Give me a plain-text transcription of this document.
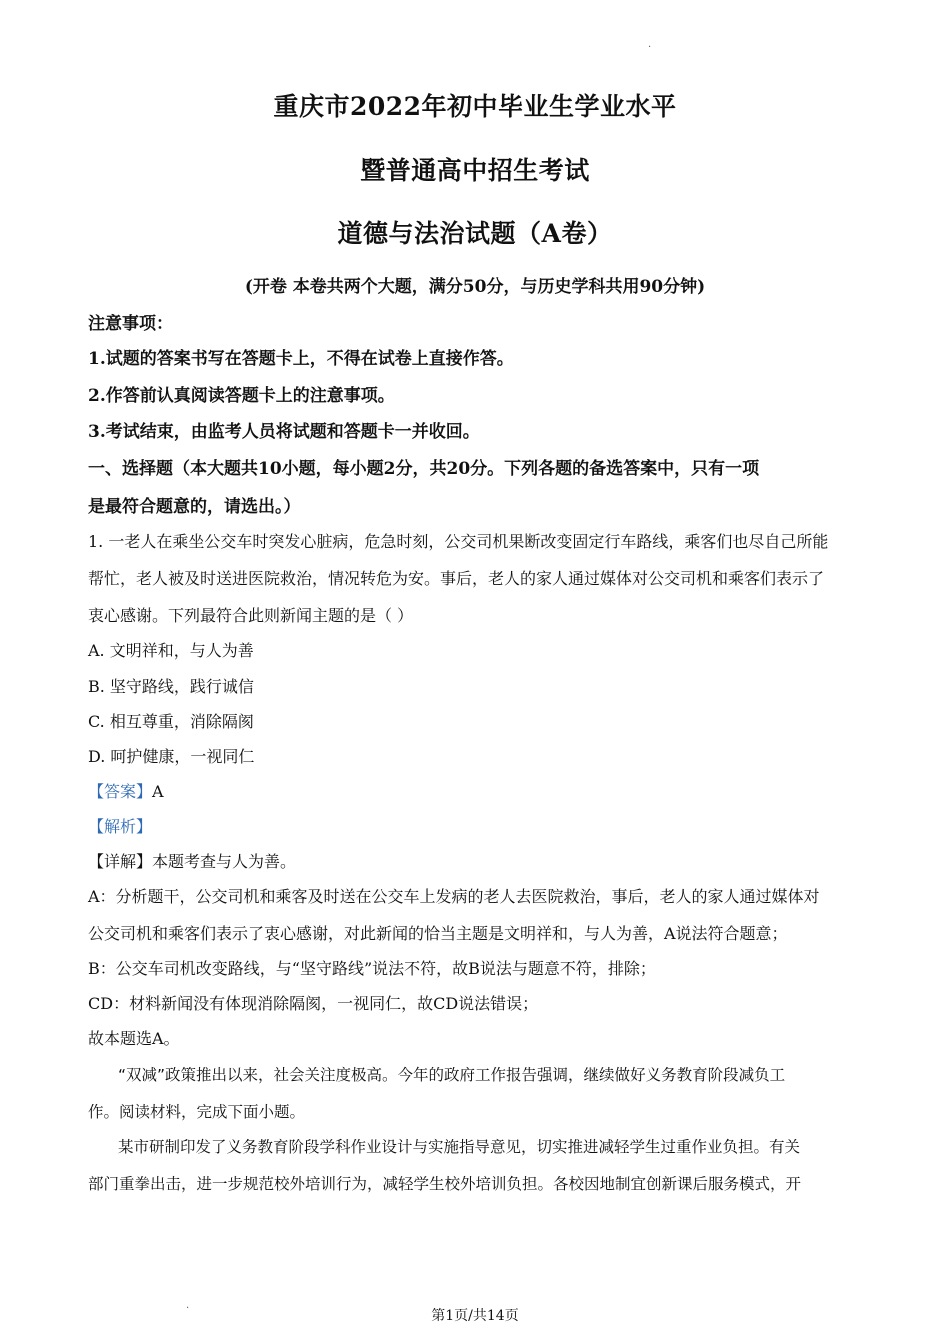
.
重庆市2022年初中毕业生学业水平
暨普通高中招生考试
道德与法治试题（A卷）
(开卷 本卷共两个大题，满分50分，与历史学科共用90分钟)
注意事项：
1.试题的答案书写在答题卡上，不得在试卷上直接作答。
2.作答前认真阅读答题卡上的注意事项。
3.考试结束，由监考人员将试题和答题卡一并收回。
一、选择题（本大题共10小题，每小题2分，共20分。下列各题的备选答案中，只有一项
是最符合题意的，请选出。）
1. 一老人在乘坐公交车时突发心脏病，危急时刻，公交司机果断改变固定行车路线，乘客们也尽自己所能
帮忙，老人被及时送进医院救治，情况转危为安。事后，老人的家人通过媒体对公交司机和乘客们表示了
衷心感谢。下列最符合此则新闻主题的是（ ）
A. 文明祥和，与人为善
B. 坚守路线，践行诚信
C. 相互尊重，消除隔阂
D. 呵护健康，一视同仁
【答案】A
【解析】
【详解】本题考查与人为善。
A：分析题干，公交司机和乘客及时送在公交车上发病的老人去医院救治，事后，老人的家人通过媒体对
公交司机和乘客们表示了衷心感谢，对此新闻的恰当主题是文明祥和，与人为善，A说法符合题意；
B：公交车司机改变路线，与“坚守路线”说法不符，故B说法与题意不符，排除；
CD：材料新闻没有体现消除隔阂，一视同仁，故CD说法错误；
故本题选A。
“双减”政策推出以来，社会关注度极高。今年的政府工作报告强调，继续做好义务教育阶段减负工
作。阅读材料，完成下面小题。
某市研制印发了义务教育阶段学科作业设计与实施指导意见，切实推进减轻学生过重作业负担。有关
部门重拳出击，进一步规范校外培训行为，减轻学生校外培训负担。各校因地制宜创新课后服务模式，开
.
第1页/共14页
